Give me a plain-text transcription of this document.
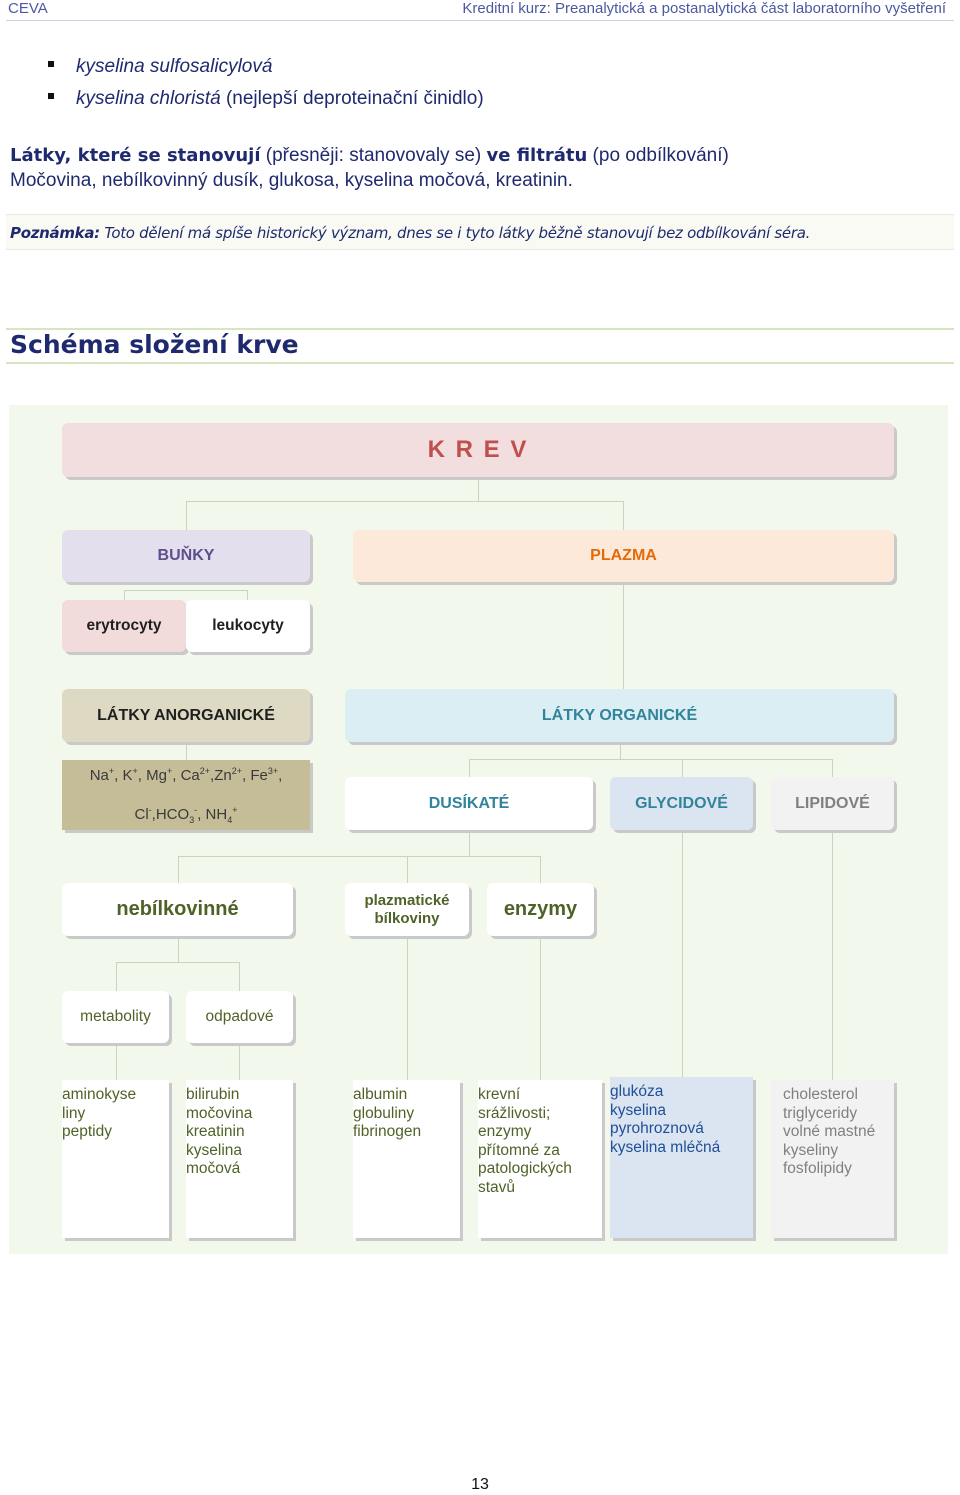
CEVA	Kreditní kurz: Preanalytická a postanalytická část laboratorního vyšetření
kyselina sulfosalicylová
kyselina chloristá (nejlepší deproteinační činidlo)
Látky, které se stanovují (přesněji: stanovovaly se) ve filtrátu (po odbílkování)
Močovina, nebílkovinný dusík, glukosa, kyselina močová, kreatinin.
Poznámka: Toto dělení má spíše historický význam, dnes se i tyto látky běžně stanovují bez odbílkování séra.
Schéma složení krve
K R E V
BUŇKY	PLAZMA
erytrocyty	leukocyty
LÁTKY ANORGANICKÉ	LÁTKY ORGANICKÉ
Na+, K+, Mg+, $Ca^{2+},Zn^{2+}$, $Fe^{3+}$,
$Cl^-,HCO_3^-$, $NH_4^+$	DUSÍKATÉ	GLYCIDOVÉ	LIPIDOVÉ
nebílkovinné	plazmatické
bílkoviny	enzymy
metabolity	odpadové
aminokyse
liny
peptidy
bilirubin
močovina
kreatinin
kyselina
močová
albumin
globuliny
fibrinogen
krevní
srážlivosti;
enzymy
přítomné za
patologických
stavů
glukóza
kyselina
pyrohroznová
kyselina mléčná
cholesterol
triglyceridy
volné mastné
kyseliny
fosfolipidy
13
